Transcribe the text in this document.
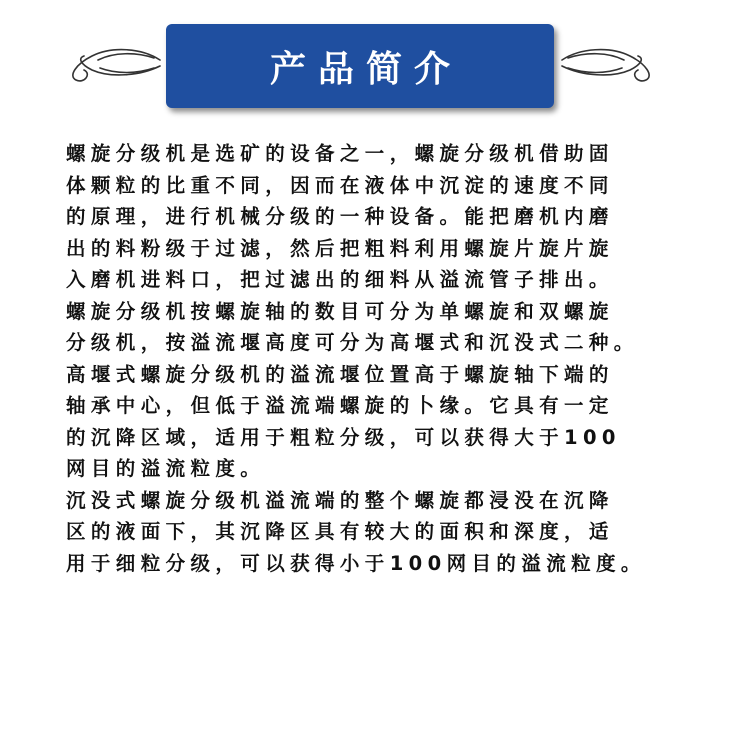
产品简介
螺旋分级机是选矿的设备之一，螺旋分级机借助固
体颗粒的比重不同，因而在液体中沉淀的速度不同
的原理，进行机械分级的一种设备。能把磨机内磨
出的料粉级于过滤，然后把粗料利用螺旋片旋片旋
入磨机进料口，把过滤出的细料从溢流管子排出。
螺旋分级机按螺旋轴的数目可分为单螺旋和双螺旋
分级机，按溢流堰高度可分为高堰式和沉没式二种。
高堰式螺旋分级机的溢流堰位置高于螺旋轴下端的
轴承中心，但低于溢流端螺旋的卜缘。它具有一定
的沉降区域，适用于粗粒分级，可以获得大于100
网目的溢流粒度。
沉没式螺旋分级机溢流端的整个螺旋都浸没在沉降
区的液面下，其沉降区具有较大的面积和深度，适
用于细粒分级，可以获得小于100网目的溢流粒度。
